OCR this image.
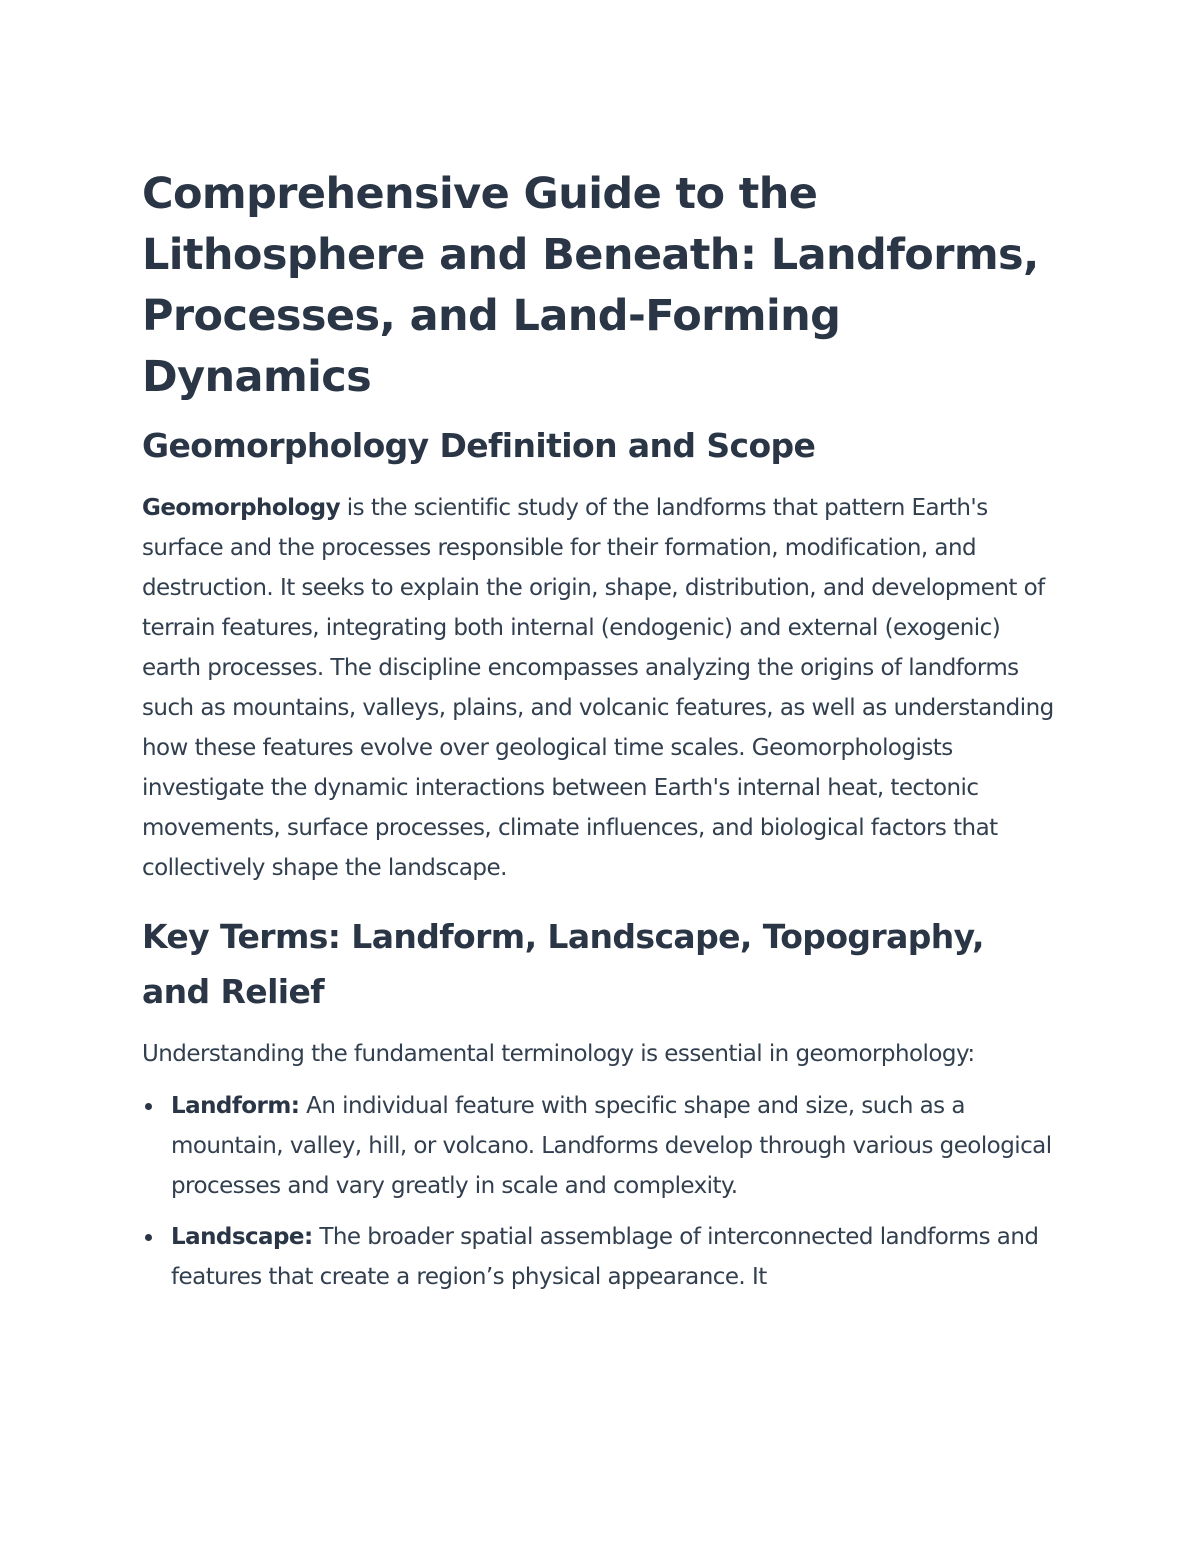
Comprehensive Guide to the Lithosphere and Beneath: Landforms, Processes, and Land-Forming Dynamics
Geomorphology Definition and Scope

Geomorphology is the scientific study of the landforms that pattern Earth's surface and the processes responsible for their formation, modification, and destruction. It seeks to explain the origin, shape, distribution, and development of terrain features, integrating both internal (endogenic) and external (exogenic) earth processes. The discipline encompasses analyzing the origins of landforms such as mountains, valleys, plains, and volcanic features, as well as understanding how these features evolve over geological time scales. Geomorphologists investigate the dynamic interactions between Earth's internal heat, tectonic movements, surface processes, climate influences, and biological factors that collectively shape the landscape.

Key Terms: Landform, Landscape, Topography, and Relief

Understanding the fundamental terminology is essential in geomorphology:

Landform: An individual feature with specific shape and size, such as a mountain, valley, hill, or volcano. Landforms develop through various geological processes and vary greatly in scale and complexity.
Landscape: The broader spatial assemblage of interconnected landforms and features that create a region’s physical appearance. It
